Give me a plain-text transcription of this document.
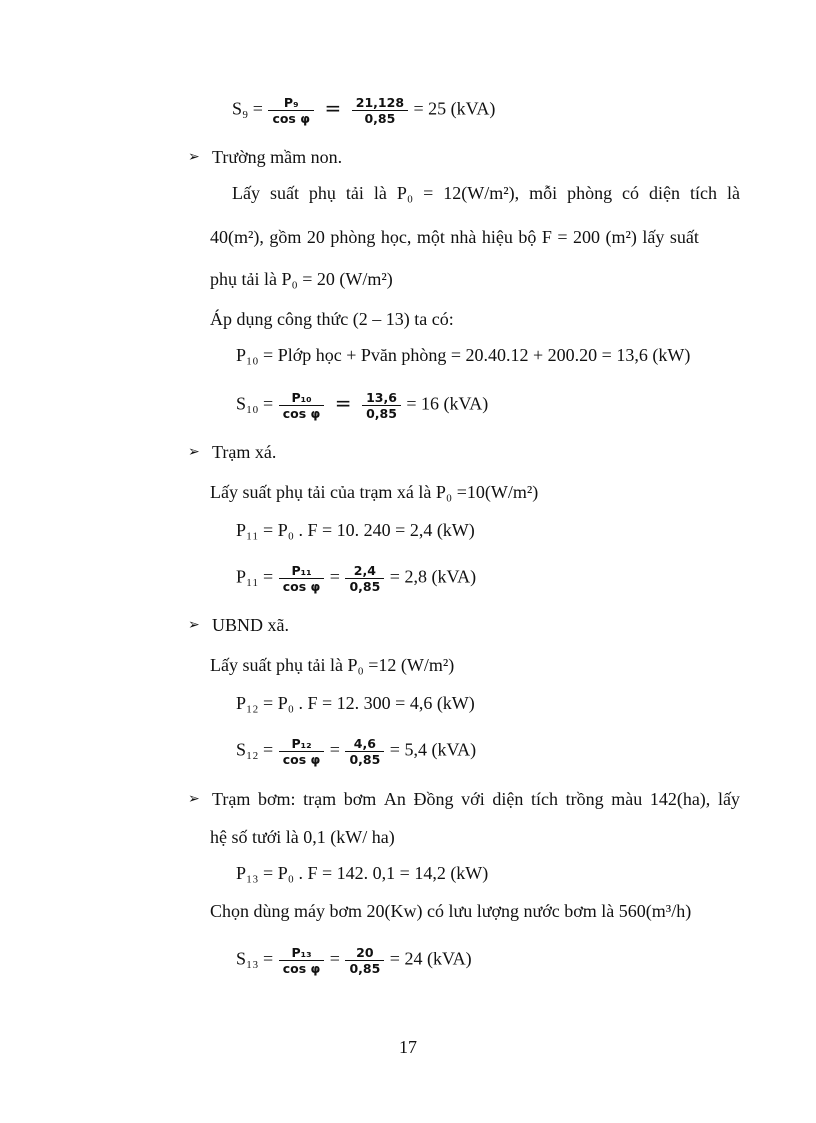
$S_9 = \frac{\text{P₉}}{\text{cos φ}} = \frac{21,128}{0,85} = 25$ (kVA)
➢ Trường mầm non.
Lấy suất phụ tải là P₀ = 12(W/m²), mỗi phòng có diện tích là
40(m²), gồm 20 phòng học, một nhà hiệu bộ F = 200 (m²) lấy suất
phụ tải là P₀ = 20 (W/m²)
Áp dụng công thức (2 – 13) ta có:
P₁₀ = Plớp học + Pvăn phòng = 20.40.12 + 200.20 = 13,6 (kW)
$S_{10} = \frac{\text{P₁₀}}{\text{cos φ}} = \frac{13,6}{0,85} = 16$ (kVA)
➢ Trạm xá.
Lấy suất phụ tải của trạm xá là P₀ =10(W/m²)
P₁₁ = P₀ . F = 10. 240 = 2,4 (kW)
$P_{11} = \frac{\text{P₁₁}}{\text{cos φ}} = \frac{2,4}{0,85} = 2,8$ (kVA)
➢ UBND xã.
Lấy suất phụ tải là P₀ =12 (W/m²)
P₁₂ = P₀ . F = 12. 300 = 4,6 (kW)
$S_{12} = \frac{\text{P₁₂}}{\text{cos φ}} = \frac{4,6}{0,85} = 5,4$ (kVA)
➢ Trạm bơm: trạm bơm An Đồng với diện tích trồng màu 142(ha), lấy
hệ số tưới là 0,1 (kW/ ha)
P₁₃ = P₀ . F = 142. 0,1 = 14,2 (kW)
Chọn dùng máy bơm 20(Kw) có lưu lượng nước bơm là 560(m³/h)
$S_{13} = \frac{\text{P₁₃}}{\text{cos φ}} = \frac{20}{0,85} = 24$ (kVA)
17
